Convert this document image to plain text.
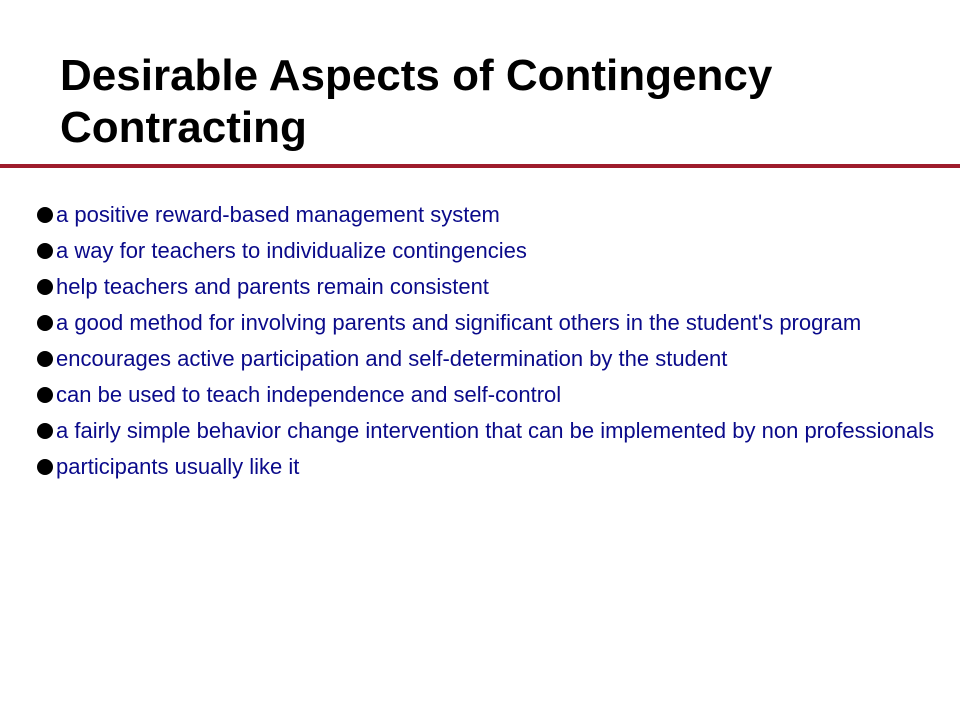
Desirable Aspects of Contingency Contracting
a positive reward-based management system
a way for teachers to individualize contingencies
help teachers and parents remain consistent
a good method for involving parents and significant others in the student's program
encourages active participation and self-determination by the student
can be used to teach independence and self-control
a fairly simple behavior change intervention that can be implemented by non professionals
participants usually like it
